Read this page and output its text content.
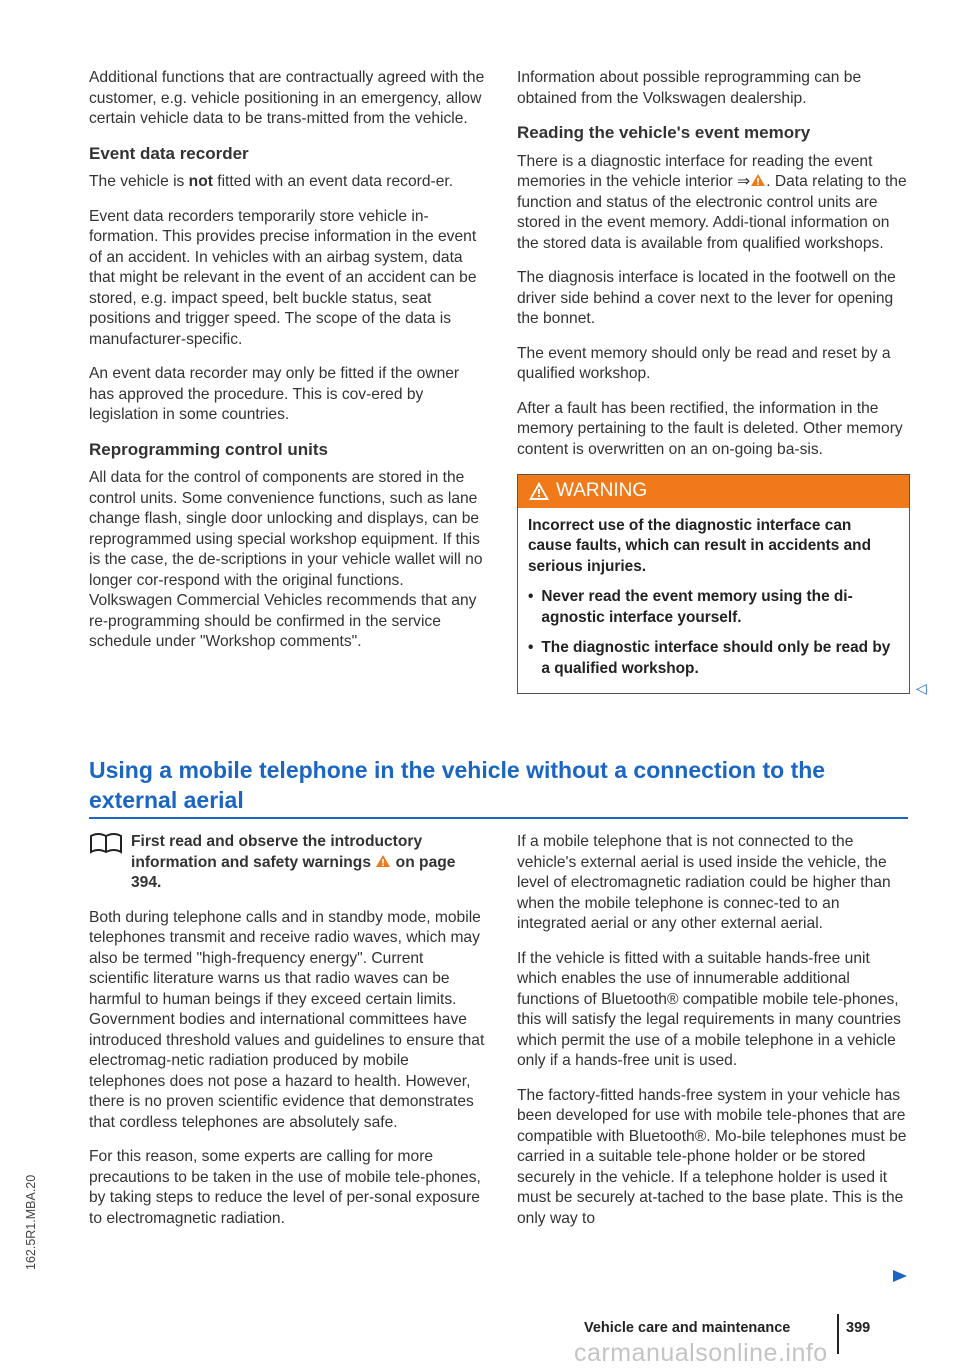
Additional functions that are contractually agreed with the customer, e.g. vehicle positioning in an emergency, allow certain vehicle data to be trans-mitted from the vehicle.

Event data recorder

The vehicle is not fitted with an event data record-er.

Event data recorders temporarily store vehicle in-formation. This provides precise information in the event of an accident. In vehicles with an airbag system, data that might be relevant in the event of an accident can be stored, e.g. impact speed, belt buckle status, seat positions and trigger speed. The scope of the data is manufacturer-specific.

An event data recorder may only be fitted if the owner has approved the procedure. This is cov-ered by legislation in some countries.

Reprogramming control units

All data for the control of components are stored in the control units. Some convenience functions, such as lane change flash, single door unlocking and displays, can be reprogrammed using special workshop equipment. If this is the case, the de-scriptions in your vehicle wallet will no longer cor-respond with the original functions. Volkswagen Commercial Vehicles recommends that any re-programming should be confirmed in the service schedule under "Workshop comments".

Information about possible reprogramming can be obtained from the Volkswagen dealership.

Reading the vehicle's event memory

There is a diagnostic interface for reading the event memories in the vehicle interior ⇒ . Data relating to the function and status of the electronic control units are stored in the event memory. Addi-tional information on the stored data is available from qualified workshops.

The diagnosis interface is located in the footwell on the driver side behind a cover next to the lever for opening the bonnet.

The event memory should only be read and reset by a qualified workshop.

After a fault has been rectified, the information in the memory pertaining to the fault is deleted. Other memory content is overwritten on an on-going ba-sis.

WARNING

Incorrect use of the diagnostic interface can cause faults, which can result in accidents and serious injuries.

• Never read the event memory using the di-agnostic interface yourself.

• The diagnostic interface should only be read by a qualified workshop.

◁
Using a mobile telephone in the vehicle without a connection to the external aerial
First read and observe the introductory information and safety warnings  on page 394.

Both during telephone calls and in standby mode, mobile telephones transmit and receive radio waves, which may also be termed "high-frequency energy". Current scientific literature warns us that radio waves can be harmful to human beings if they exceed certain limits. Government bodies and international committees have introduced threshold values and guidelines to ensure that electromag-netic radiation produced by mobile telephones does not pose a hazard to health. However, there is no proven scientific evidence that demonstrates that cordless telephones are absolutely safe.

For this reason, some experts are calling for more precautions to be taken in the use of mobile tele-phones, by taking steps to reduce the level of per-sonal exposure to electromagnetic radiation.

If a mobile telephone that is not connected to the vehicle's external aerial is used inside the vehicle, the level of electromagnetic radiation could be higher than when the mobile telephone is connec-ted to an integrated aerial or any other external aerial.

If the vehicle is fitted with a suitable hands-free unit which enables the use of innumerable additional functions of Bluetooth® compatible mobile tele-phones, this will satisfy the legal requirements in many countries which permit the use of a mobile telephone in a vehicle only if a hands-free unit is used.

The factory-fitted hands-free system in your vehicle has been developed for use with mobile tele-phones that are compatible with Bluetooth®. Mo-bile telephones must be carried in a suitable tele-phone holder or be stored securely in the vehicle. If a telephone holder is used it must be securely at-tached to the base plate. This is the only way to

162.5R1.MBA.20
Vehicle care and maintenance	399
carmanualsonline.info
